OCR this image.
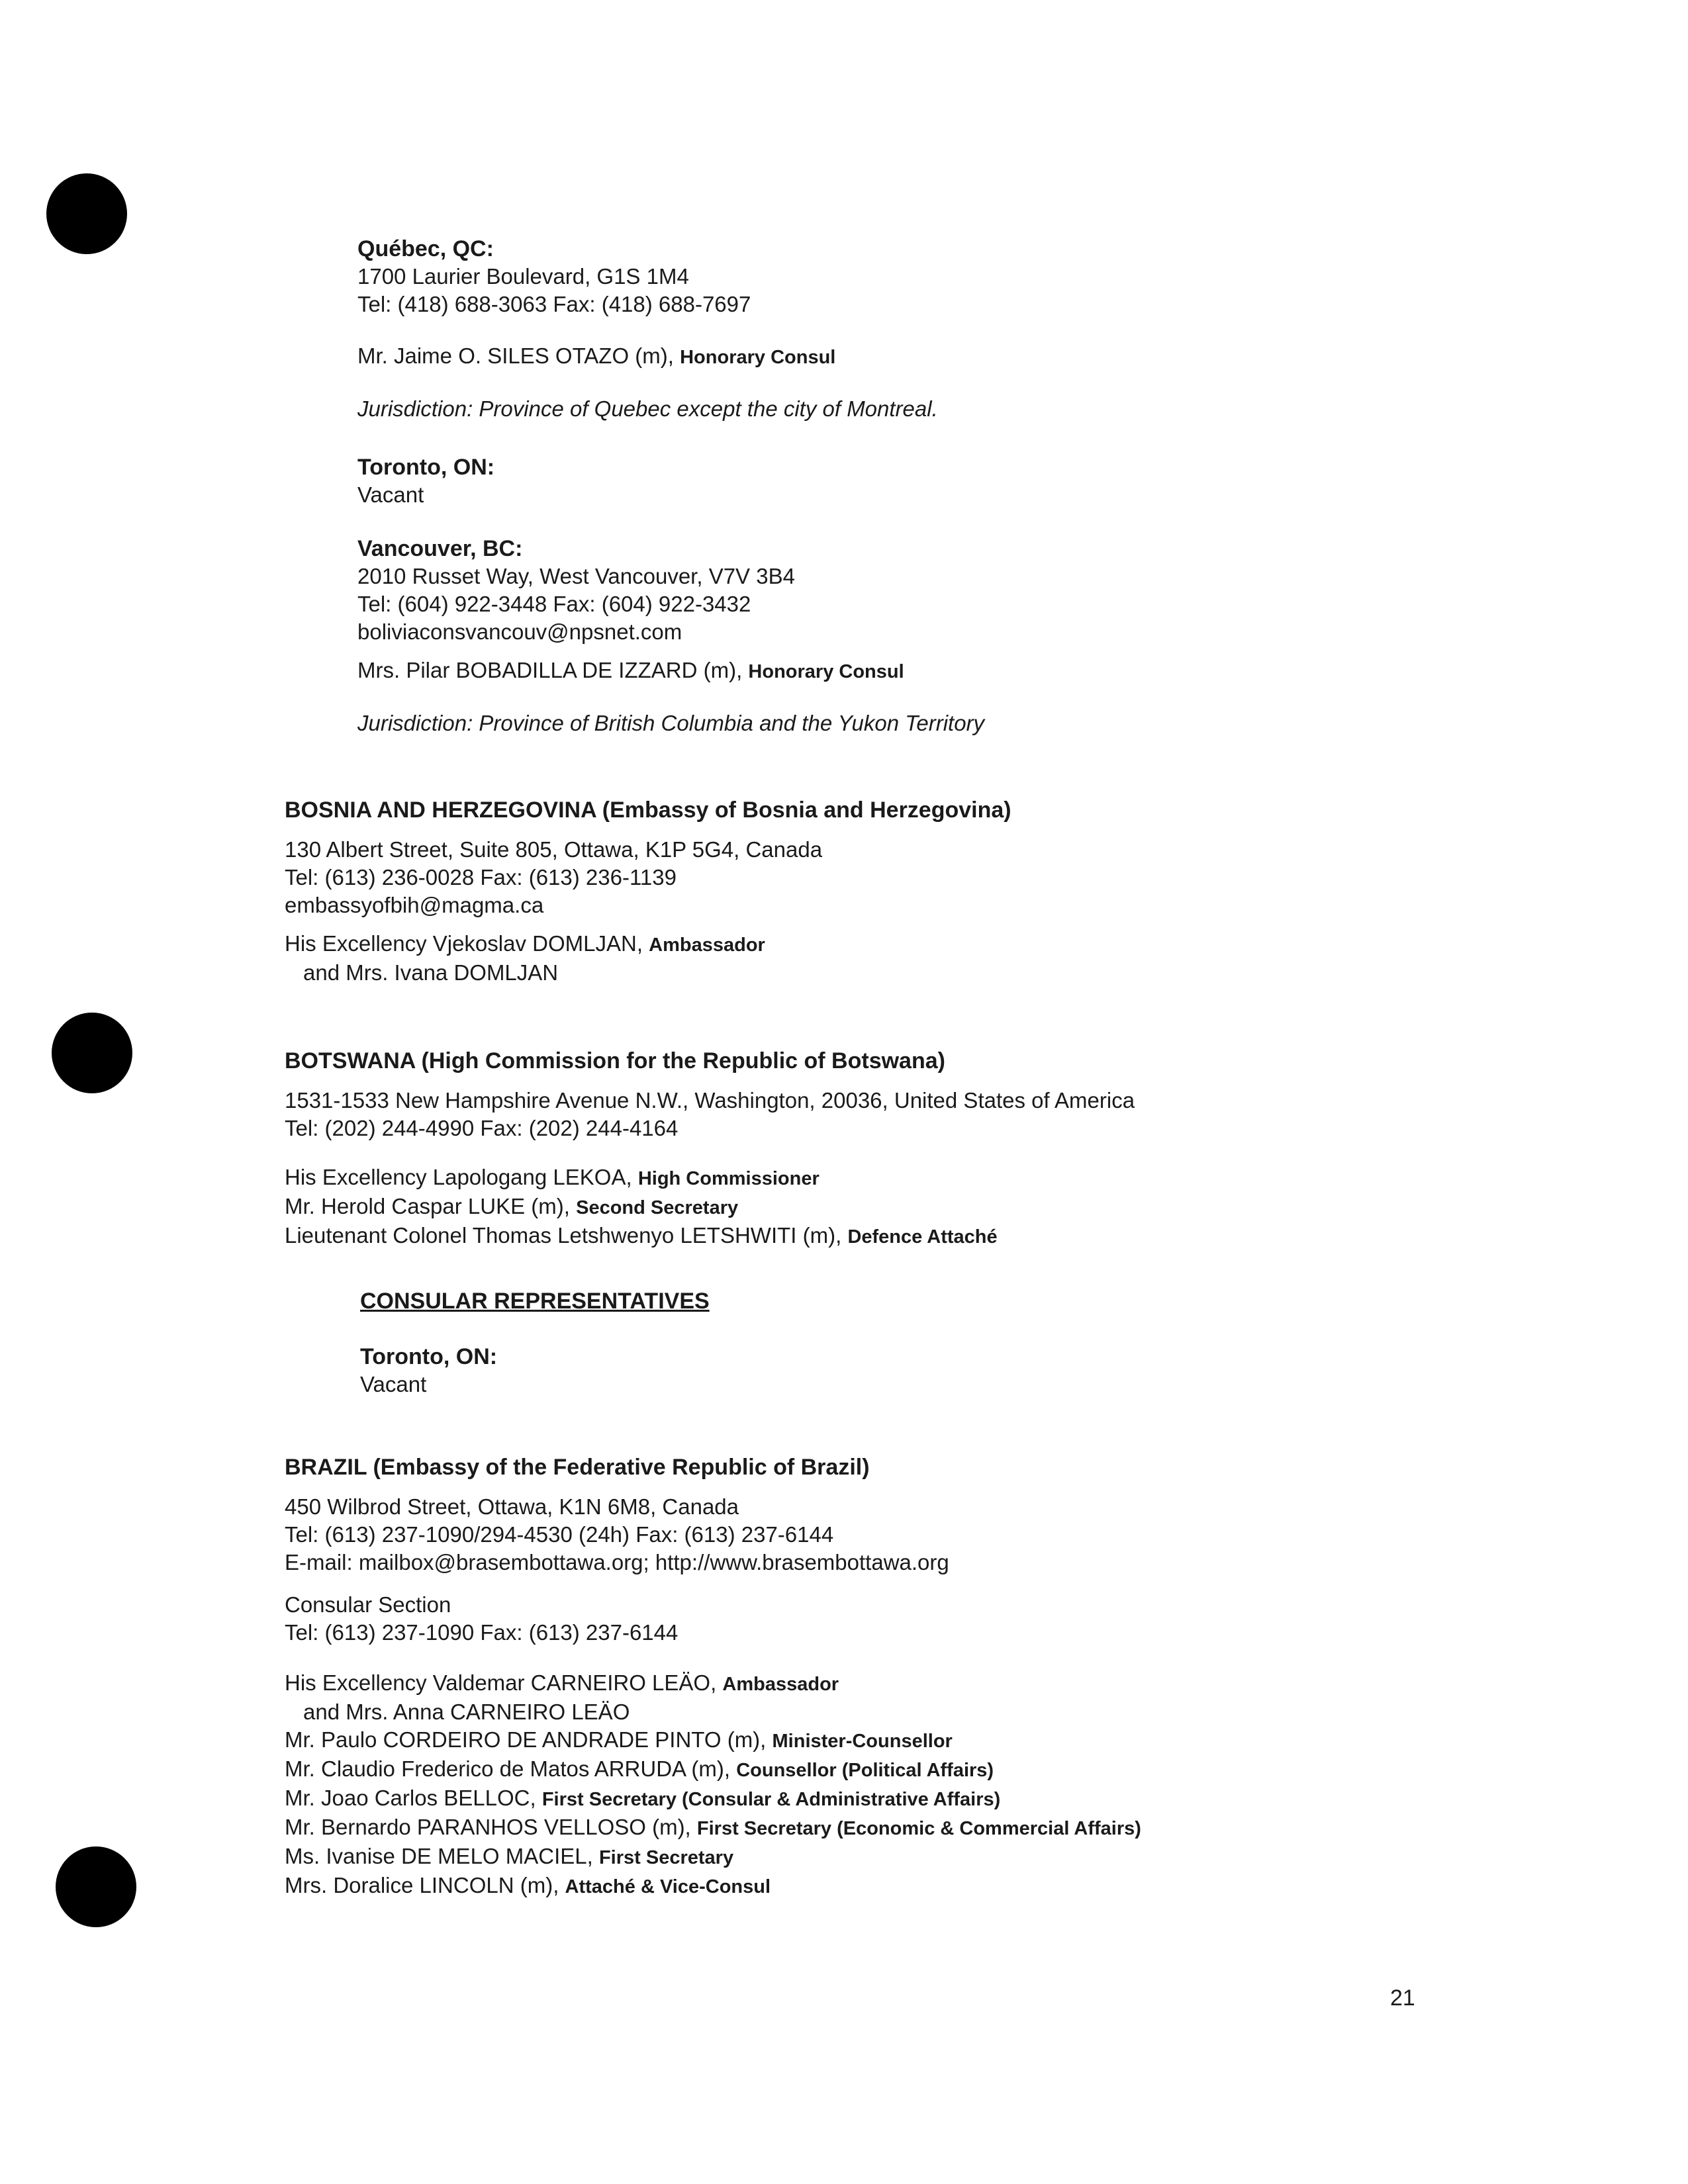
Québec, QC:
1700 Laurier Boulevard, G1S 1M4
Tel: (418) 688-3063 Fax: (418) 688-7697
Mr. Jaime O. SILES OTAZO (m), Honorary Consul
Jurisdiction: Province of Quebec except the city of Montreal.
Toronto, ON:
Vacant
Vancouver, BC:
2010 Russet Way, West Vancouver, V7V 3B4
Tel: (604) 922-3448 Fax: (604) 922-3432
boliviaconsvancouv@npsnet.com
Mrs. Pilar BOBADILLA DE IZZARD (m), Honorary Consul
Jurisdiction: Province of British Columbia and the Yukon Territory
BOSNIA AND HERZEGOVINA (Embassy of Bosnia and Herzegovina)
130 Albert Street, Suite 805, Ottawa, K1P 5G4, Canada
Tel: (613) 236-0028 Fax: (613) 236-1139
embassyofbih@magma.ca
His Excellency Vjekoslav DOMLJAN, Ambassador
and Mrs. Ivana DOMLJAN
BOTSWANA (High Commission for the Republic of Botswana)
1531-1533 New Hampshire Avenue N.W., Washington, 20036, United States of America
Tel: (202) 244-4990 Fax: (202) 244-4164
His Excellency Lapologang LEKOA, High Commissioner
Mr. Herold Caspar LUKE (m), Second Secretary
Lieutenant Colonel Thomas Letshwenyo LETSHWITI (m), Defence Attaché
CONSULAR REPRESENTATIVES
Toronto, ON:
Vacant
BRAZIL (Embassy of the Federative Republic of Brazil)
450 Wilbrod Street, Ottawa, K1N 6M8, Canada
Tel: (613) 237-1090/294-4530 (24h) Fax: (613) 237-6144
E-mail: mailbox@brasembottawa.org; http://www.brasembottawa.org
Consular Section
Tel: (613) 237-1090 Fax: (613) 237-6144
His Excellency Valdemar CARNEIRO LEÄO, Ambassador
and Mrs. Anna CARNEIRO LEÄO
Mr. Paulo CORDEIRO DE ANDRADE PINTO (m), Minister-Counsellor
Mr. Claudio Frederico de Matos ARRUDA (m), Counsellor (Political Affairs)
Mr. Joao Carlos BELLOC, First Secretary (Consular & Administrative Affairs)
Mr. Bernardo PARANHOS VELLOSO (m), First Secretary (Economic & Commercial Affairs)
Ms. Ivanise DE MELO MACIEL, First Secretary
Mrs. Doralice LINCOLN (m), Attaché & Vice-Consul
21
